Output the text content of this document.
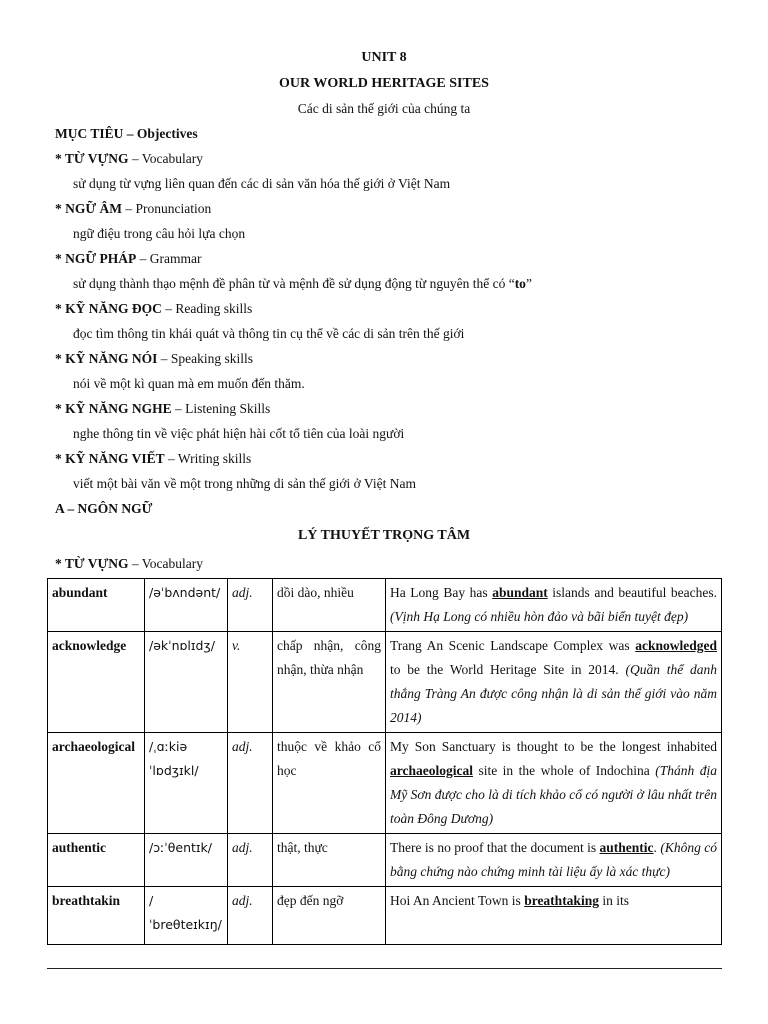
UNIT 8
OUR WORLD HERITAGE SITES
Các di sản thế giới của chúng ta
MỤC TIÊU – Objectives
* TỪ VỰNG – Vocabulary
sử dụng từ vựng liên quan đến các di sản văn hóa thế giới ở Việt Nam
* NGỮ ÂM – Pronunciation
ngữ điệu trong câu hỏi lựa chọn
* NGỮ PHÁP – Grammar
sử dụng thành thạo mệnh đề phân từ và mệnh đề sử dụng động từ nguyên thể có “to”
* KỸ NĂNG ĐỌC – Reading skills
đọc tìm thông tin khái quát và thông tin cụ thể về các di sản trên thế giới
* KỸ NĂNG NÓI – Speaking skills
nói về một kì quan mà em muốn đến thăm.
* KỸ NĂNG NGHE – Listening Skills
nghe thông tin về việc phát hiện hài cốt tổ tiên của loài người
* KỸ NĂNG VIẾT – Writing skills
viết một bài văn về một trong những di sản thế giới ở Việt Nam
A – NGÔN NGỮ
LÝ THUYẾT TRỌNG TÂM
* TỪ VỰNG – Vocabulary
abundant	/əˈbʌndənt/	adj.	dồi dào, nhiều	Ha Long Bay has abundant islands and beautiful beaches. (Vịnh Hạ Long có nhiều hòn đảo và bãi biển tuyệt đẹp)
acknowledge	/əkˈnɒlɪdʒ/	v.	chấp nhận, công nhận, thừa nhận	Trang An Scenic Landscape Complex was acknowledged to be the World Heritage Site in 2014. (Quần thể danh thắng Tràng An được công nhận là di sản thế giới vào năm 2014)
archaeological	/ˌɑːkiə ˈlɒdʒɪkl/	adj.	thuộc về khảo cổ học	My Son Sanctuary is thought to be the longest inhabited archaeological site in the whole of Indochina (Thánh địa Mỹ Sơn được cho là di tích khảo cổ có người ở lâu nhất trên toàn Đông Dương)
authentic	/ɔːˈθentɪk/	adj.	thật, thực	There is no proof that the document is authentic. (Không có bằng chứng nào chứng minh tài liệu ấy là xác thực)

breathtakin	/ˈbreθteɪkɪŋ/	adj.	đẹp đến ngỡ	Hoi An Ancient Town is breathtaking in its
